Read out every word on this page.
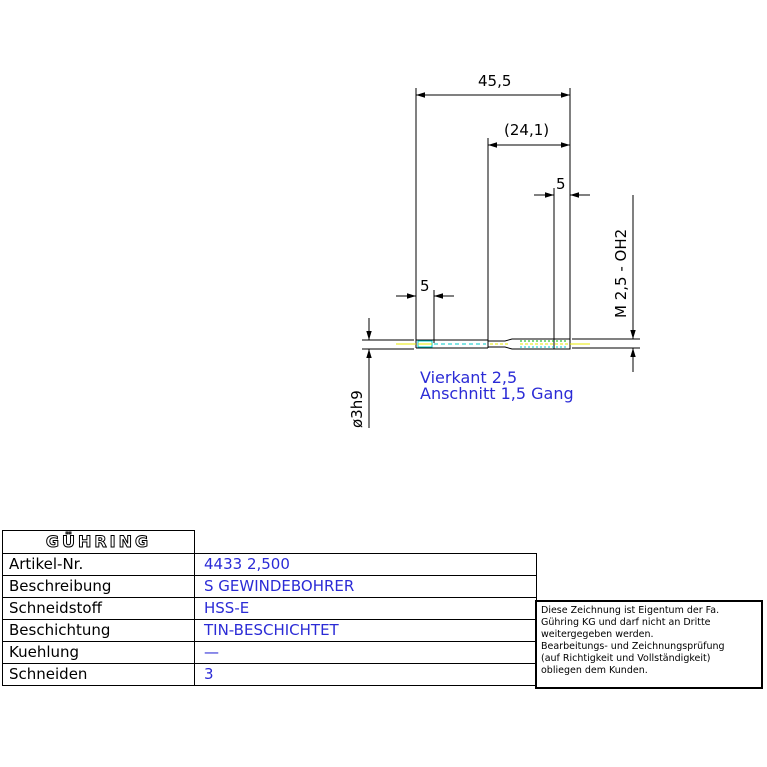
45,5
(24,1)
5
5	M 2,5 - OH2
ø3h9
Vierkant 2,5
Anschnitt 1,5 Gang
GÜHRING	
Artikel-Nr.	4433 2,500
Beschreibung	S GEWINDEBOHRER
Schneidstoff	HSS-E
Beschichtung	TIN-BESCHICHTET
Kuehlung	—
Schneiden	3
Diese Zeichnung ist Eigentum der Fa.
Gühring KG und darf nicht an Dritte
weitergegeben werden.
Bearbeitungs- und Zeichnungsprüfung
(auf Richtigkeit und Vollständigkeit)
obliegen dem Kunden.
